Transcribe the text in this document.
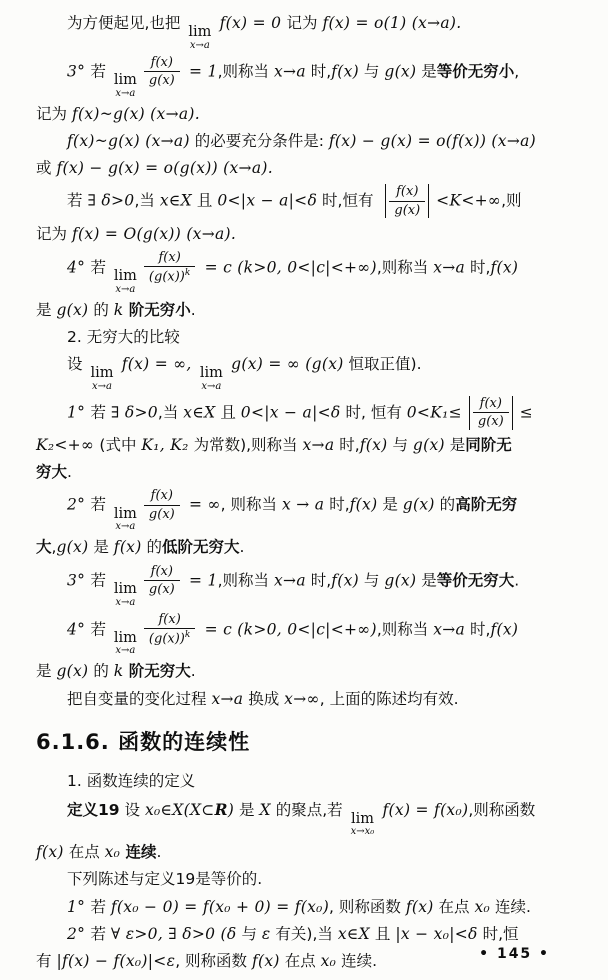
为方便起见,也把 lim
x→a
f(x) = 0 记为 f(x) = o(1) (x→a).
3° 若 lim
x→a
$\frac{f(x)}{g(x)} = 1$,则称当 x→a 时,f(x) 与 g(x) 是等价无穷小,
记为 f(x)~g(x) (x→a).
f(x)~g(x) (x→a) 的必要充分条件是: f(x) − g(x) = o(f(x)) (x→a)
或 f(x) − g(x) = o(g(x)) (x→a).
若 ∃ δ>0,当 x∈X 且 0<|x − a|<δ 时,恒有 $\frac{f(x)}{g(x)} <K<+\infty$,则
记为 f(x) = O(g(x)) (x→a).
4° 若 lim
x→a
$\frac{f(x)}{(g(x))^k} = c$ (k>0, 0<|c|<+∞),则称当 x→a 时,f(x)
是 g(x) 的 k 阶无穷小.
2. 无穷大的比较
设 lim
x→a
f(x) = ∞, lim
x→a
g(x) = ∞ (g(x) 恒取正值).
1° 若 ∃ δ>0,当 x∈X 且 0<|x − a|<δ 时, 恒有 $0<K_1\le \frac{f(x)}{g(x)}$ ≤
K₂<+∞ (式中 K₁, K₂ 为常数),则称当 x→a 时,f(x) 与 g(x) 是同阶无
穷大.
2° 若 lim
x→a
$\frac{f(x)}{g(x)}$ = ∞, 则称当 x → a 时,f(x) 是 g(x) 的高阶无穷
大,g(x) 是 f(x) 的低阶无穷大.
3° 若 lim
x→a
$\frac{f(x)}{g(x)} = 1$,则称当 x→a 时,f(x) 与 g(x) 是等价无穷大.
4° 若 lim
x→a
$\frac{f(x)}{(g(x))^k} = c$ (k>0, 0<|c|<+∞),则称当 x→a 时,f(x)
是 g(x) 的 k 阶无穷大.
把自变量的变化过程 x→a 换成 x→∞, 上面的陈述均有效.
6.1.6. 函数的连续性
1. 函数连续的定义
定义19 设 x₀∈X(X⊂R) 是 X 的聚点,若 lim
x→x₀
f(x) = f(x₀),则称函数
f(x) 在点 x₀ 连续.
下列陈述与定义19是等价的.
1° 若 f(x₀ − 0) = f(x₀ + 0) = f(x₀), 则称函数 f(x) 在点 x₀ 连续.
2° 若 ∀ ε>0, ∃ δ>0 (δ 与 ε 有关),当 x∈X 且 |x − x₀|<δ 时,恒
有 |f(x) − f(x₀)|<ε, 则称函数 f(x) 在点 x₀ 连续.	• 145 •
